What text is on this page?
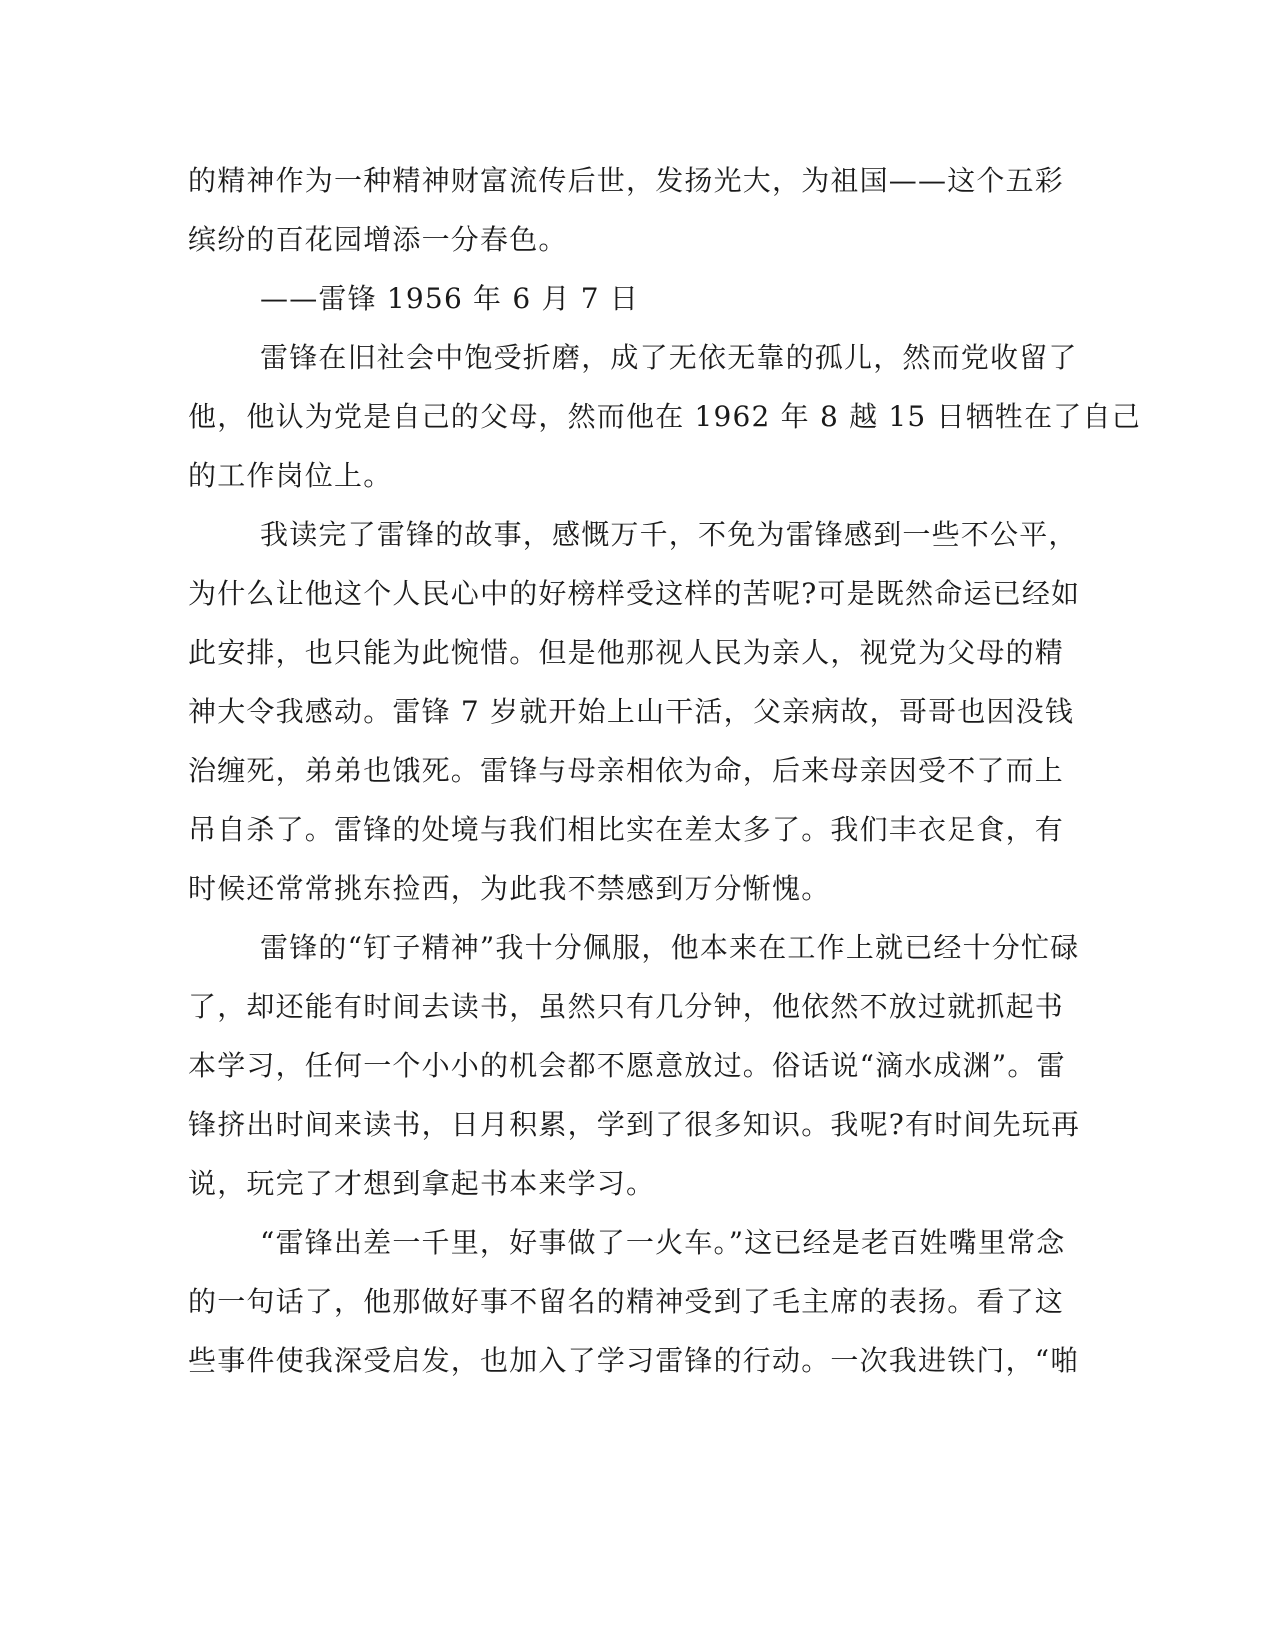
的精神作为一种精神财富流传后世，发扬光大，为祖国——这个五彩
缤纷的百花园增添一分春色。
——雷锋 1956 年 6 月 7 日
雷锋在旧社会中饱受折磨，成了无依无靠的孤儿，然而党收留了
他，他认为党是自己的父母，然而他在 1962 年 8 越 15 日牺牲在了自己
的工作岗位上。
我读完了雷锋的故事，感慨万千，不免为雷锋感到一些不公平，
为什么让他这个人民心中的好榜样受这样的苦呢?可是既然命运已经如
此安排，也只能为此惋惜。但是他那视人民为亲人，视党为父母的精
神大令我感动。雷锋 7 岁就开始上山干活，父亲病故，哥哥也因没钱
治缠死，弟弟也饿死。雷锋与母亲相依为命，后来母亲因受不了而上
吊自杀了。雷锋的处境与我们相比实在差太多了。我们丰衣足食，有
时候还常常挑东捡西，为此我不禁感到万分惭愧。
雷锋的“钉子精神”我十分佩服，他本来在工作上就已经十分忙碌
了，却还能有时间去读书，虽然只有几分钟，他依然不放过就抓起书
本学习，任何一个小小的机会都不愿意放过。俗话说“滴水成渊”。雷
锋挤出时间来读书，日月积累，学到了很多知识。我呢?有时间先玩再
说，玩完了才想到拿起书本来学习。
“雷锋出差一千里，好事做了一火车。”这已经是老百姓嘴里常念
的一句话了，他那做好事不留名的精神受到了毛主席的表扬。看了这
些事件使我深受启发，也加入了学习雷锋的行动。一次我进铁门，“啪
